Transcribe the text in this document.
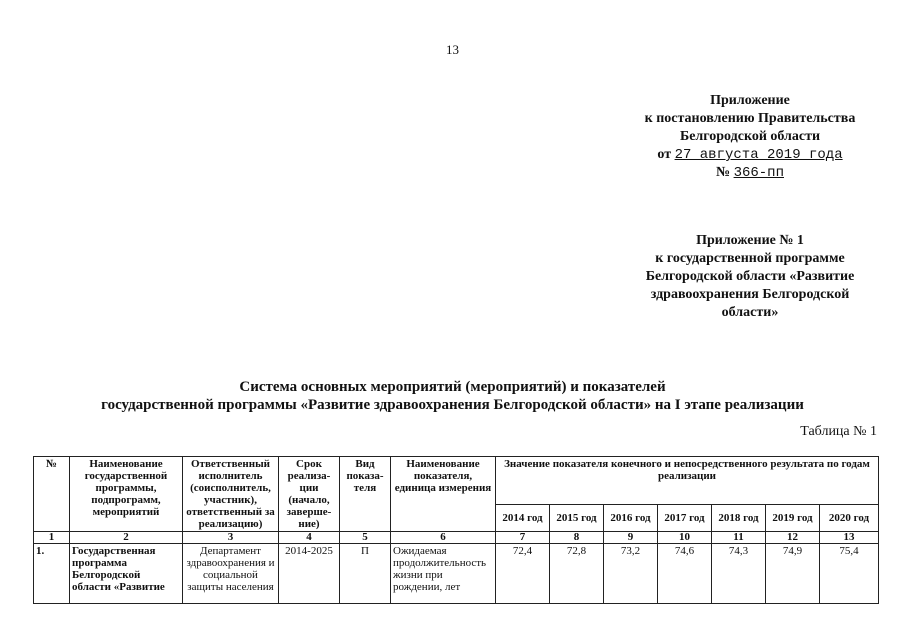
13
Приложение
к постановлению Правительства
Белгородской области
от 27 августа 2019 года
№ 366-пп
Приложение № 1
к государственной программе
Белгородской области «Развитие
здравоохранения Белгородской
области»
Система основных мероприятий (мероприятий) и показателей
государственной программы «Развитие здравоохранения Белгородской области» на I этапе реализации
Таблица № 1
№	Наименование государственной программы, подпрограмм, мероприятий	Ответственный исполнитель (соисполнитель, участник), ответственный за реализацию)	Срок реализа-ции (начало, заверше-ние)	Вид показа-теля	Наименование показателя, единица измерения	Значение показателя конечного и непосредственного результата по годам реализации						
						2014 год	2015 год	2016 год	2017 год	2018 год	2019 год	2020 год
1	2	3	4	5	6	7	8	9	10	11	12	13
1.	Государственная программа Белгородской области «Развитие	Департамент здравоохранения и социальной защиты населения	2014-2025	П	Ожидаемая продолжительность жизни при рождении, лет	72,4	72,8	73,2	74,6	74,3	74,9	75,4
